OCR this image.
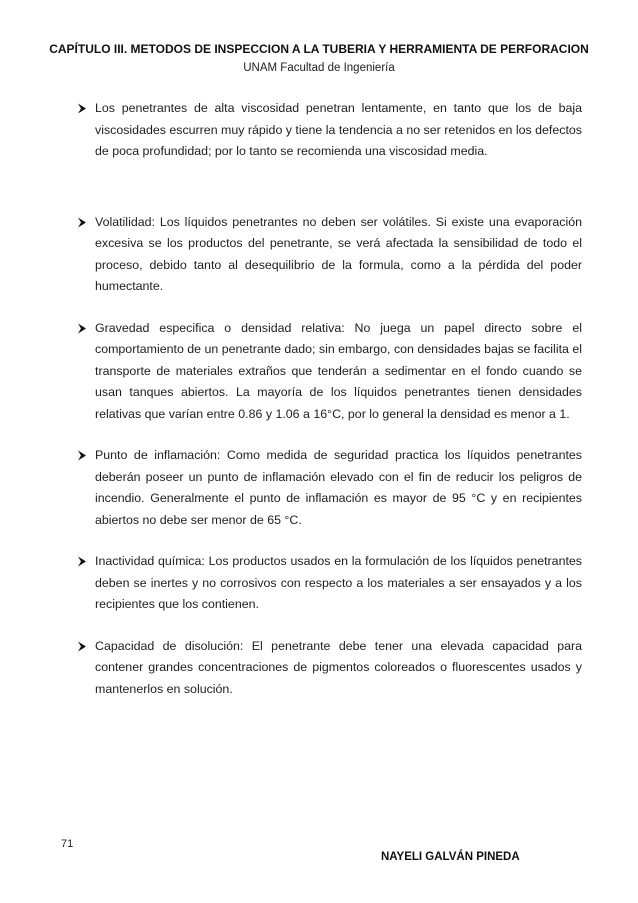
CAPÍTULO III. METODOS DE INSPECCION A LA TUBERIA Y HERRAMIENTA DE PERFORACION
UNAM Facultad de Ingeniería
Los penetrantes de alta viscosidad penetran lentamente, en tanto que los de baja viscosidades escurren muy rápido y tiene la tendencia a no ser retenidos en los defectos de poca profundidad; por lo tanto se recomienda una viscosidad media.
Volatilidad: Los líquidos penetrantes no deben ser volátiles. Si existe una evaporación excesiva se los productos del penetrante, se verá afectada la sensibilidad de todo el proceso, debido tanto al desequilibrio de la formula, como a la pérdida del poder humectante.
Gravedad especifica o densidad relativa: No juega un papel directo sobre el comportamiento de un penetrante dado; sin embargo, con densidades bajas se facilita el transporte de materiales extraños que tenderán a sedimentar en el fondo cuando se usan tanques abiertos. La mayoría de los líquidos penetrantes tienen densidades relativas que varían entre 0.86 y 1.06 a 16°C, por lo general la densidad es menor a 1.
Punto de inflamación: Como medida de seguridad practica los líquidos penetrantes deberán poseer un punto de inflamación elevado con el fin de reducir los peligros de incendio. Generalmente el punto de inflamación es mayor de 95 °C y en recipientes abiertos no debe ser menor de 65 °C.
Inactividad química: Los productos usados en la formulación de los líquidos penetrantes deben se inertes y no corrosivos con respecto a los materiales a ser ensayados y a los recipientes que los contienen.
Capacidad de disolución: El penetrante debe tener una elevada capacidad para contener grandes concentraciones de pigmentos coloreados o fluorescentes usados y mantenerlos en solución.
71
NAYELI GALVÁN PINEDA
